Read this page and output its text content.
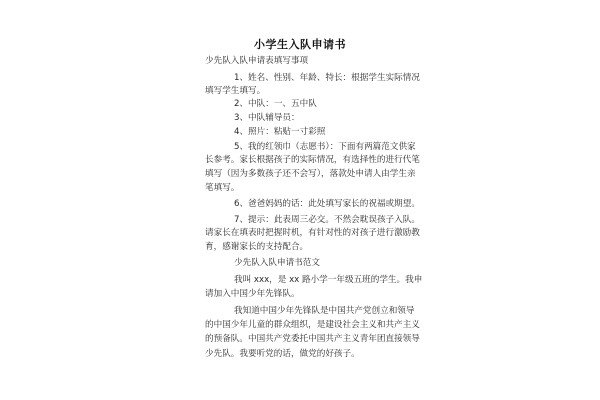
小学生入队申请书
少先队入队申请表填写事项
1、姓名、性别、年龄、特长：根据学生实际情况
填写学生填写。
2、中队：一、五中队
3、中队辅导员：
4、照片：粘贴一寸彩照
5、我的红领巾（志愿书）：下面有两篇范文供家
长参考。家长根据孩子的实际情况，有选择性的进行代笔
填写（因为多数孩子还不会写），落款处申请人由学生亲
笔填写。
6、爸爸妈妈的话：此处填写家长的祝福或期望。
7、提示：此表周三必交。不然会耽误孩子入队。
请家长在填表时把握时机，有针对性的对孩子进行激励教
育，感谢家长的支持配合。
少先队入队申请书范文
我叫 xxx，是 xx 路小学一年级五班的学生。我申
请加入中国少年先锋队。
我知道中国少年先锋队是中国共产党创立和领导
的中国少年儿童的群众组织，是建设社会主义和共产主义
的预备队。中国共产党委托中国共产主义青年团直接领导
少先队。我要听党的话，做党的好孩子。
